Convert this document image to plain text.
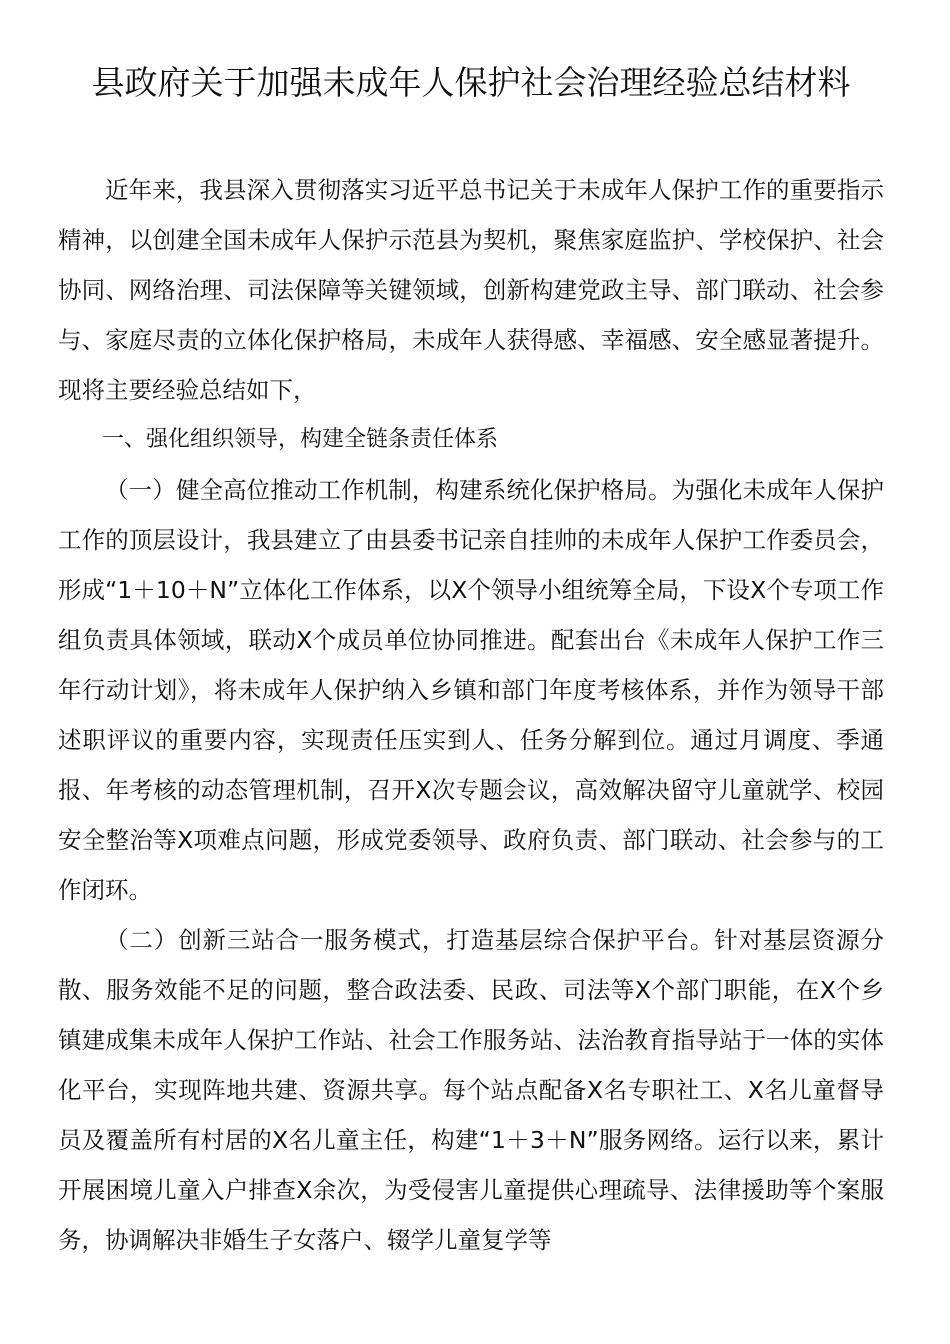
县政府关于加强未成年人保护社会治理经验总结材料

近年来，我县深入贯彻落实习近平总书记关于未成年人保护工作的重要指示精神，以创建全国未成年人保护示范县为契机，聚焦家庭监护、学校保护、社会协同、网络治理、司法保障等关键领域，创新构建党政主导、部门联动、社会参与、家庭尽责的立体化保护格局，未成年人获得感、幸福感、安全感显著提升。现将主要经验总结如下，

一、强化组织领导，构建全链条责任体系

（一）健全高位推动工作机制，构建系统化保护格局。为强化未成年人保护工作的顶层设计，我县建立了由县委书记亲自挂帅的未成年人保护工作委员会，形成“1＋10＋N”立体化工作体系，以X个领导小组统筹全局，下设X个专项工作组负责具体领域，联动X个成员单位协同推进。配套出台《未成年人保护工作三年行动计划》，将未成年人保护纳入乡镇和部门年度考核体系，并作为领导干部述职评议的重要内容，实现责任压实到人、任务分解到位。通过月调度、季通报、年考核的动态管理机制，召开X次专题会议，高效解决留守儿童就学、校园安全整治等X项难点问题，形成党委领导、政府负责、部门联动、社会参与的工作闭环。

（二）创新三站合一服务模式，打造基层综合保护平台。针对基层资源分散、服务效能不足的问题，整合政法委、民政、司法等X个部门职能，在X个乡镇建成集未成年人保护工作站、社会工作服务站、法治教育指导站于一体的实体化平台，实现阵地共建、资源共享。每个站点配备X名专职社工、X名儿童督导员及覆盖所有村居的X名儿童主任，构建“1＋3＋N”服务网络。运行以来，累计开展困境儿童入户排查X余次，为受侵害儿童提供心理疏导、法律援助等个案服务，协调解决非婚生子女落户、辍学儿童复学等
